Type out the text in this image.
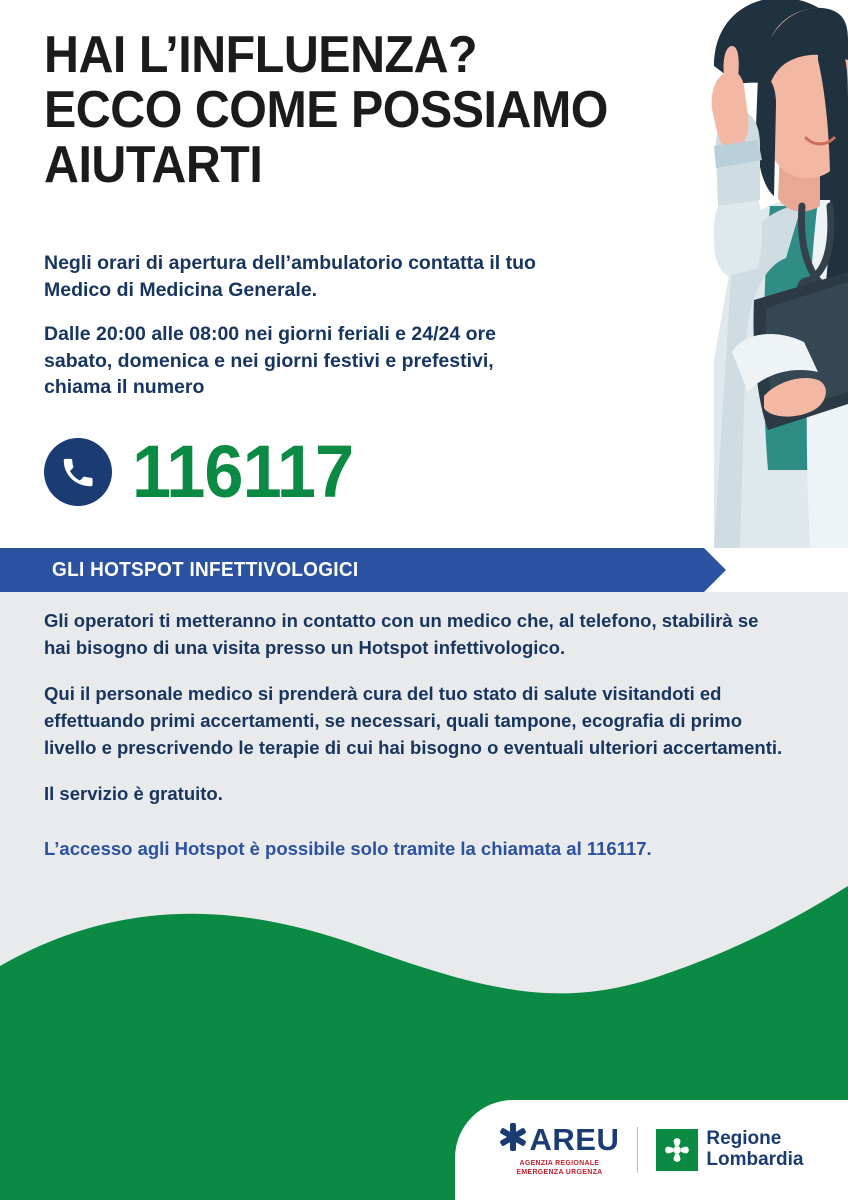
HAI L’INFLUENZA?
ECCO COME POSSIAMO
AIUTARTI

Negli orari di apertura dell’ambulatorio contatta il tuo Medico di Medicina Generale.

Dalle 20:00 alle 08:00 nei giorni feriali e 24/24 ore sabato, domenica e nei giorni festivi e prefestivi, chiama il numero

116117
GLI HOTSPOT INFETTIVOLOGICI

Gli operatori ti metteranno in contatto con un medico che, al telefono, stabilirà se hai bisogno di una visita presso un Hotspot infettivologico.

Qui il personale medico si prenderà cura del tuo stato di salute visitandoti ed effettuando primi accertamenti, se necessari, quali tampone, ecografia di primo livello e prescrivendo le terapie di cui hai bisogno o eventuali ulteriori accertamenti.

Il servizio è gratuito.

L’accesso agli Hotspot è possibile solo tramite la chiamata al 116117.

AREU
AGENZIA REGIONALE
EMERGENZA URGENZA
Regione
Lombardia
